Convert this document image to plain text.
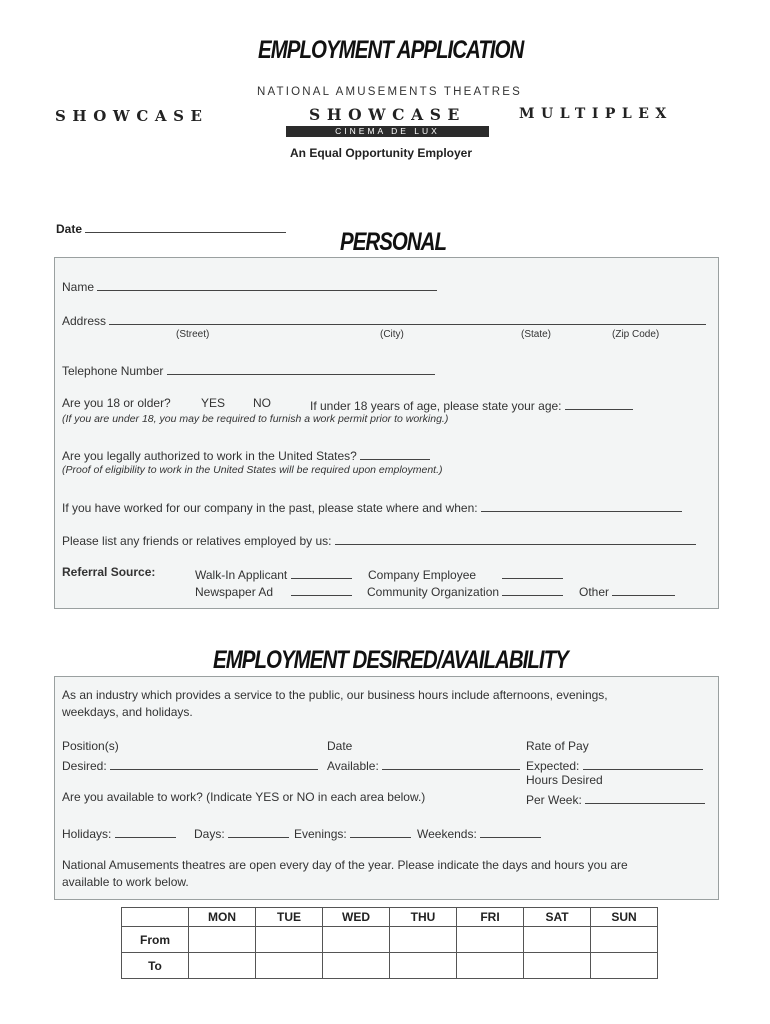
EMPLOYMENT APPLICATION
NATIONAL AMUSEMENTS THEATRES
SHOWCASE	SHOWCASE
CINEMA DE LUX
MULTIPLEX
An Equal Opportunity Employer
Date	PERSONAL
Name
Address
(Street)	(City)	(State)	(Zip Code)
Telephone Number
Are you 18 or older?	YES NO	If under 18 years of age, please state your age:
(If you are under 18, you may be required to furnish a work permit prior to working.)
Are you legally authorized to work in the United States?
(Proof of eligibility to work in the United States will be required upon employment.)
If you have worked for our company in the past, please state where and when:
Please list any friends or relatives employed by us:
Referral Source:	Walk-In Applicant	Company Employee
Newspaper Ad	Community Organization	Other
EMPLOYMENT DESIRED/AVAILABILITY
As an industry which provides a service to the public, our business hours include afternoons, evenings,
weekdays, and holidays.
Position(s)
Desired:
Date
Available:
Rate of Pay
Expected:
Hours Desired
Per Week:
Are you available to work? (Indicate YES or NO in each area below.)
Holidays:	Days:	Evenings:	Weekends:
National Amusements theatres are open every day of the year. Please indicate the days and hours you are
available to work below.
	MON	TUE	WED	THU	FRI	SAT	SUN
From							
To							
